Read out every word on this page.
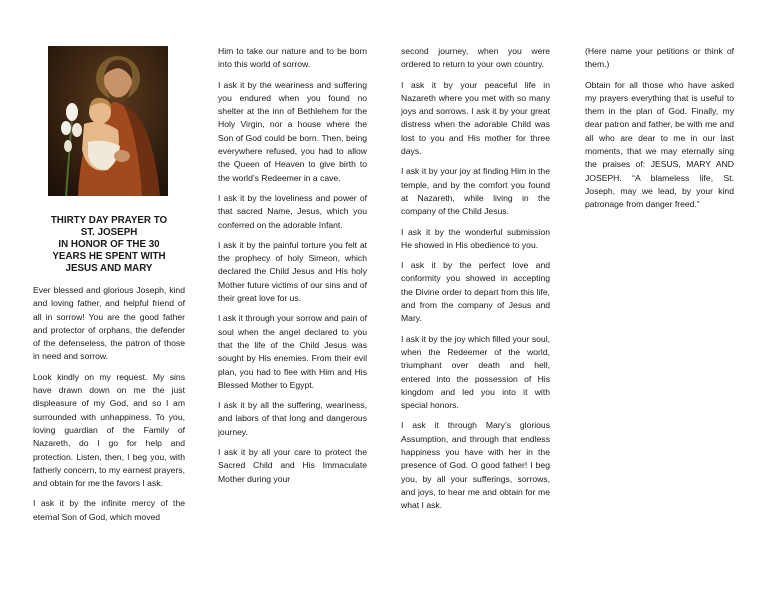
THIRTY DAY PRAYER TO
ST. JOSEPH
IN HONOR OF THE 30
YEARS HE SPENT WITH
JESUS AND MARY

Ever blessed and glorious Joseph, kind and loving father, and helpful friend of all in sorrow! You are the good father and protector of orphans, the defender of the defenseless, the patron of those in need and sorrow.

Look kindly on my request. My sins have drawn down on me the just displeasure of my God, and so I am surrounded with unhappiness. To you, loving guardian of the Family of Nazareth, do I go for help and protection. Listen, then, I beg you, with fatherly concern, to my earnest prayers, and obtain for me the favors I ask.

I ask it by the infinite mercy of the eternal Son of God, which moved

Him to take our nature and to be born into this world of sorrow.

I ask it by the weariness and suffering you endured when you found no shelter at the inn of Bethlehem for the Holy Virgin, nor a house where the Son of God could be born. Then, being everywhere refused, you had to allow the Queen of Heaven to give birth to the world’s Redeemer in a cave.

I ask it by the loveliness and power of that sacred Name, Jesus, which you conferred on the adorable Infant.

I ask it by the painful torture you felt at the prophecy of holy Simeon, which declared the Child Jesus and His holy Mother future victims of our sins and of their great love for us.

I ask it through your sorrow and pain of soul when the angel declared to you that the life of the Child Jesus was sought by His enemies. From their evil plan, you had to flee with Him and His Blessed Mother to Egypt.

I ask it by all the suffering, weariness, and labors of that long and dangerous journey.

I ask it by all your care to protect the Sacred Child and His Immaculate Mother during your

second journey, when you were ordered to return to your own country.

I ask it by your peaceful life in Nazareth where you met with so many joys and sorrows. I ask it by your great distress when the adorable Child was lost to you and His mother for three days.

I ask it by your joy at finding Him in the temple, and by the comfort you found at Nazareth, while living in the company of the Child Jesus.

I ask it by the wonderful submission He showed in His obedience to you.

I ask it by the perfect love and conformity you showed in accepting the Divine order to depart from this life, and from the company of Jesus and Mary.

I ask it by the joy which filled your soul, when the Redeemer of the world, triumphant over death and hell, entered into the possession of His kingdom and led you into it with special honors.

I ask it through Mary’s glorious Assumption, and through that endless happiness you have with her in the presence of God. O good father! I beg you, by all your sufferings, sorrows, and joys, to hear me and obtain for me what I ask.

(Here name your petitions or think of them.)

Obtain for all those who have asked my prayers everything that is useful to them in the plan of God. Finally, my dear patron and father, be with me and all who are dear to me in our last moments, that we may eternally sing the praises of: JESUS, MARY AND JOSEPH. “A blameless life, St. Joseph, may we lead, by your kind patronage from danger freed.”
